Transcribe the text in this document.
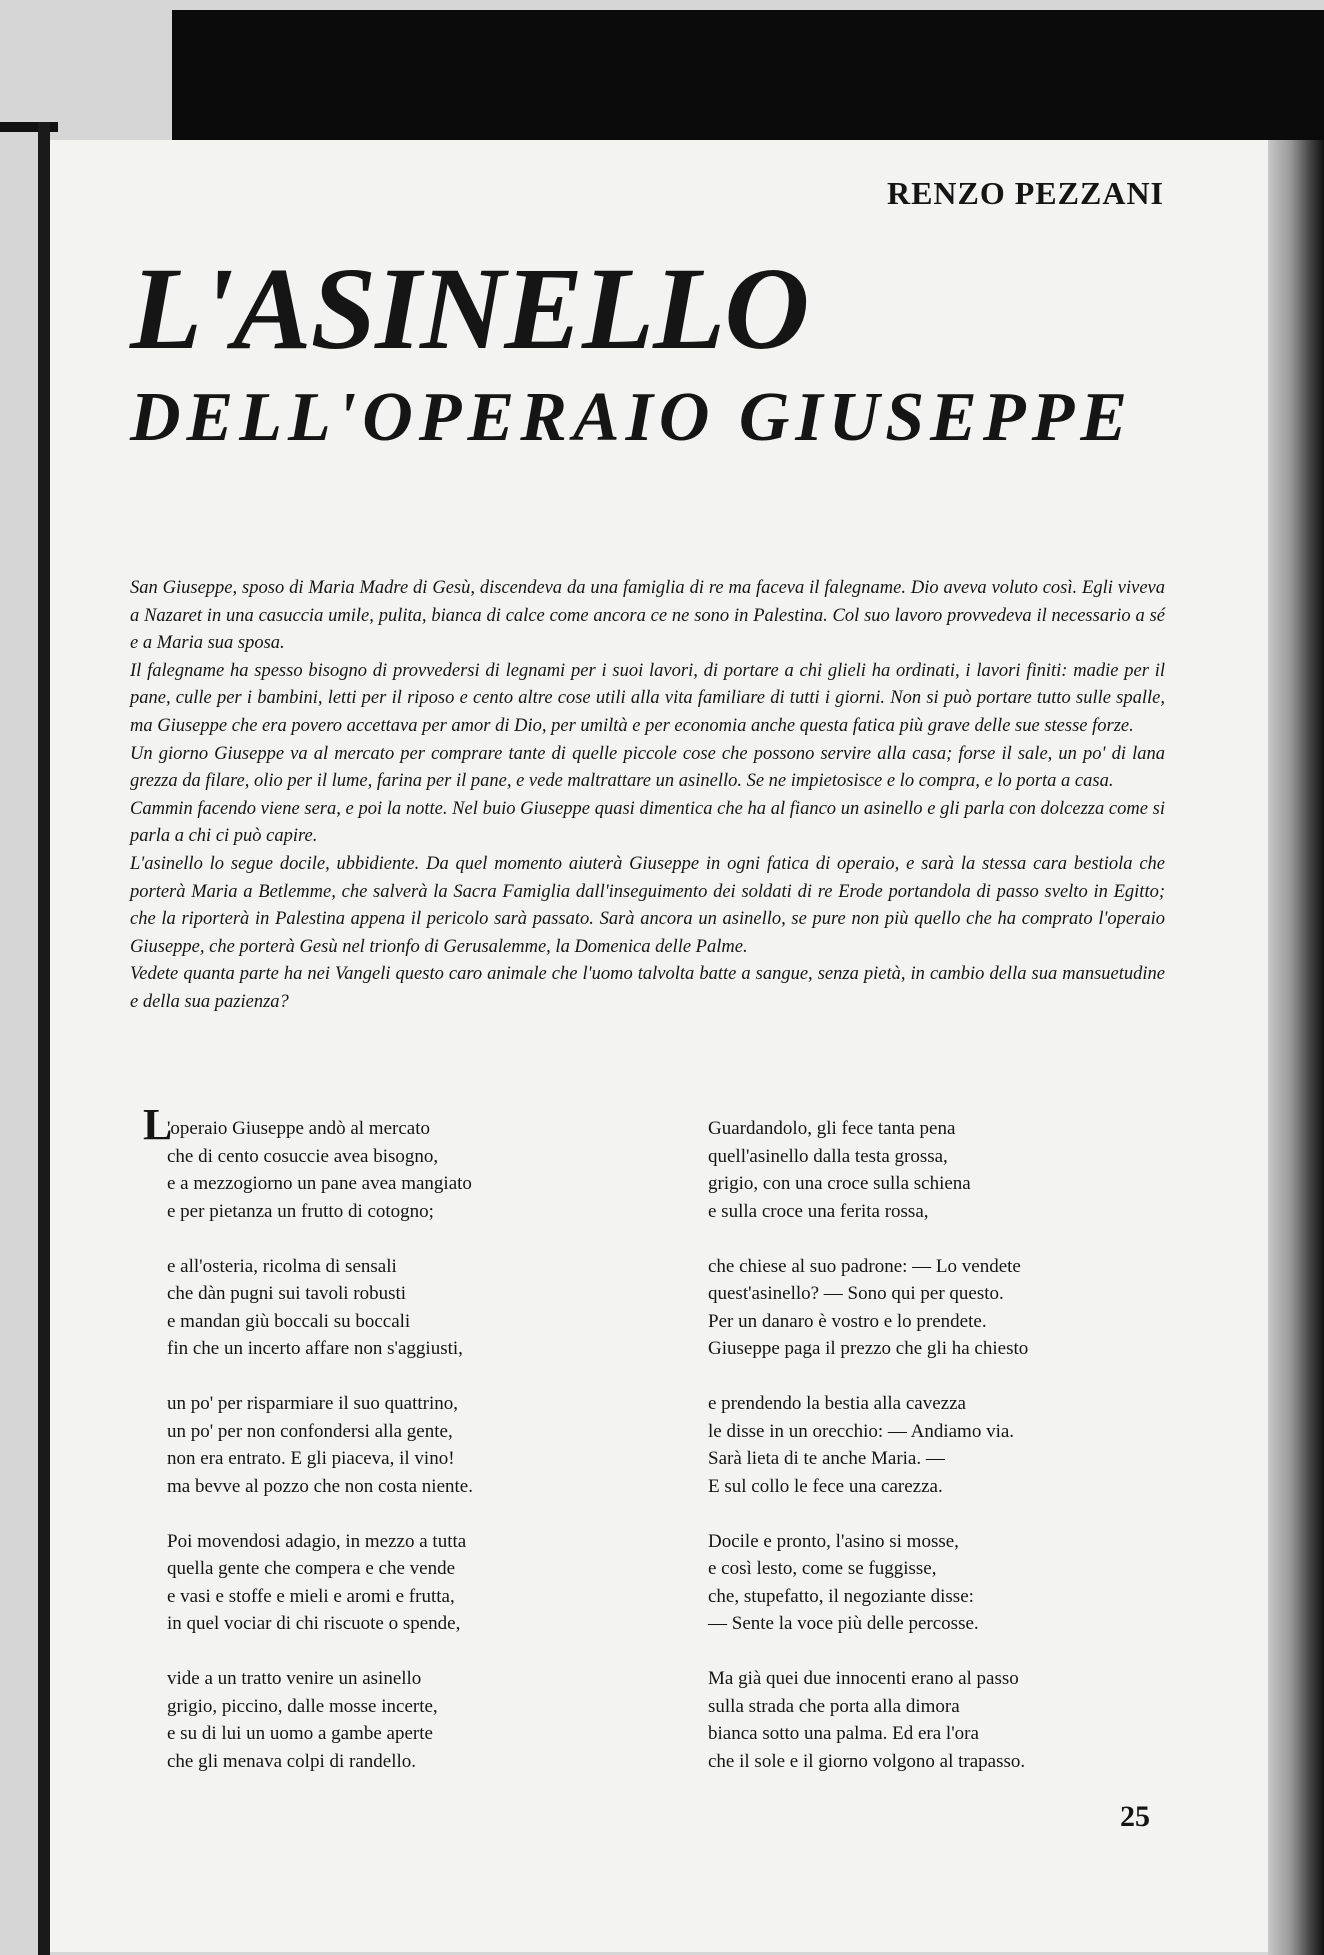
RENZO PEZZANI
L'ASINELLO
DELL'OPERAIO GIUSEPPE

San Giuseppe, sposo di Maria Madre di Gesù, discendeva da una famiglia di re ma faceva il falegname. Dio aveva voluto così. Egli viveva a Nazaret in una casuccia umile, pulita, bianca di calce come ancora ce ne sono in Palestina. Col suo lavoro provvedeva il necessario a sé e a Maria sua sposa.

Il falegname ha spesso bisogno di provvedersi di legnami per i suoi lavori, di portare a chi glieli ha ordinati, i lavori finiti: madie per il pane, culle per i bambini, letti per il riposo e cento altre cose utili alla vita familiare di tutti i giorni. Non si può portare tutto sulle spalle, ma Giuseppe che era povero accettava per amor di Dio, per umiltà e per economia anche questa fatica più grave delle sue stesse forze.

Un giorno Giuseppe va al mercato per comprare tante di quelle piccole cose che possono servire alla casa; forse il sale, un po' di lana grezza da filare, olio per il lume, farina per il pane, e vede maltrattare un asinello. Se ne impietosisce e lo compra, e lo porta a casa.

Cammin facendo viene sera, e poi la notte. Nel buio Giuseppe quasi dimentica che ha al fianco un asinello e gli parla con dolcezza come si parla a chi ci può capire.

L'asinello lo segue docile, ubbidiente. Da quel momento aiuterà Giuseppe in ogni fatica di operaio, e sarà la stessa cara bestiola che porterà Maria a Betlemme, che salverà la Sacra Famiglia dall'inseguimento dei soldati di re Erode portandola di passo svelto in Egitto; che la riporterà in Palestina appena il pericolo sarà passato. Sarà ancora un asinello, se pure non più quello che ha comprato l'operaio Giuseppe, che porterà Gesù nel trionfo di Gerusalemme, la Domenica delle Palme.

Vedete quanta parte ha nei Vangeli questo caro animale che l'uomo talvolta batte a sangue, senza pietà, in cambio della sua mansuetudine e della sua pazienza?

L
'operaio Giuseppe andò al mercato
che di cento cosuccie avea bisogno,
e a mezzogiorno un pane avea mangiato
e per pietanza un frutto di cotogno;
e all'osteria, ricolma di sensali
che dàn pugni sui tavoli robusti
e mandan giù boccali su boccali
fin che un incerto affare non s'aggiusti,
un po' per risparmiare il suo quattrino,
un po' per non confondersi alla gente,
non era entrato. E gli piaceva, il vino!
ma bevve al pozzo che non costa niente.
Poi movendosi adagio, in mezzo a tutta
quella gente che compera e che vende
e vasi e stoffe e mieli e aromi e frutta,
in quel vociar di chi riscuote o spende,
vide a un tratto venire un asinello
grigio, piccino, dalle mosse incerte,
e su di lui un uomo a gambe aperte
che gli menava colpi di randello.
Guardandolo, gli fece tanta pena
quell'asinello dalla testa grossa,
grigio, con una croce sulla schiena
e sulla croce una ferita rossa,
che chiese al suo padrone: — Lo vendete
quest'asinello? — Sono qui per questo.
Per un danaro è vostro e lo prendete.
Giuseppe paga il prezzo che gli ha chiesto
e prendendo la bestia alla cavezza
le disse in un orecchio: — Andiamo via.
Sarà lieta di te anche Maria. —
E sul collo le fece una carezza.
Docile e pronto, l'asino si mosse,
e così lesto, come se fuggisse,
che, stupefatto, il negoziante disse:
— Sente la voce più delle percosse.
Ma già quei due innocenti erano al passo
sulla strada che porta alla dimora
bianca sotto una palma. Ed era l'ora
che il sole e il giorno volgono al trapasso.
25
